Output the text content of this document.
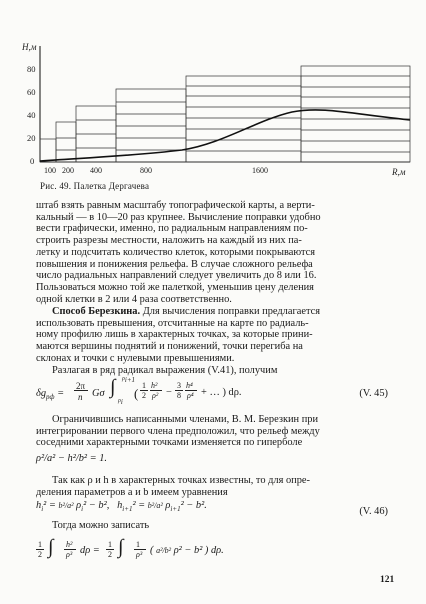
H,м
80
60
40
20
0
100 200 400	800	1600	R,м
Рис. 49. Палетка Дергачева

штаб взять равным масштабу топографической карты, а верти-

кальный — в 10—20 раз крупнее. Вычисление поправки удобно

вести графически, именно, по радиальным направлениям по-

строить разрезы местности, наложить на каждый из них па-

летку и подсчитать количество клеток, которыми покрываются

повышения и понижения рельефа. В случае сложного рельефа

число радиальных направлений следует увеличить до 8 или 16.

Пользоваться можно той же палеткой, уменьшив цену деления

одной клетки в 2 или 4 раза соответственно.

Способ Березкина. Для вычисления поправки предлагается

использовать превышения, отсчитанные на карте по радиаль-

ному профилю лишь в характерных точках, за которые прини-

маются вершины поднятий и понижений, точки перегиба на

склонах и точки с нулевыми превышениями.

Разлагая в ряд радикал выражения (V.41), получим

$\delta g_{рф}$ =
2π
n Gσ ∫ $\rho_{i+1}$
$\rho_i$
(
1
2
h²
ρ² −
3
8
h⁴
ρ⁴ + … ) dρ.	(V. 45)

Ограничившись написанными членами, В. М. Березкин при

интегрировании первого члена предположил, что рельеф между

соседними характерными точками изменяется по гиперболе

ρ²/a² − h²/b² = 1.

Так как ρ и h в характерных точках известны, то для опре-

деления параметров a и b имеем уравнения

$h_i^2 = b^2/a^2$ $\rho_i^2 - b^2$,   $h_{i+1}^2 = b^2/a^2$ $\rho_{i+1}^2 - b^2$.
(V. 46)

Тогда можно записать

1
2 ∫ h²
ρ³ dρ =
1
2 ∫ 1
ρ³ ( a²/b² ρ² − b² ) dρ.
121
